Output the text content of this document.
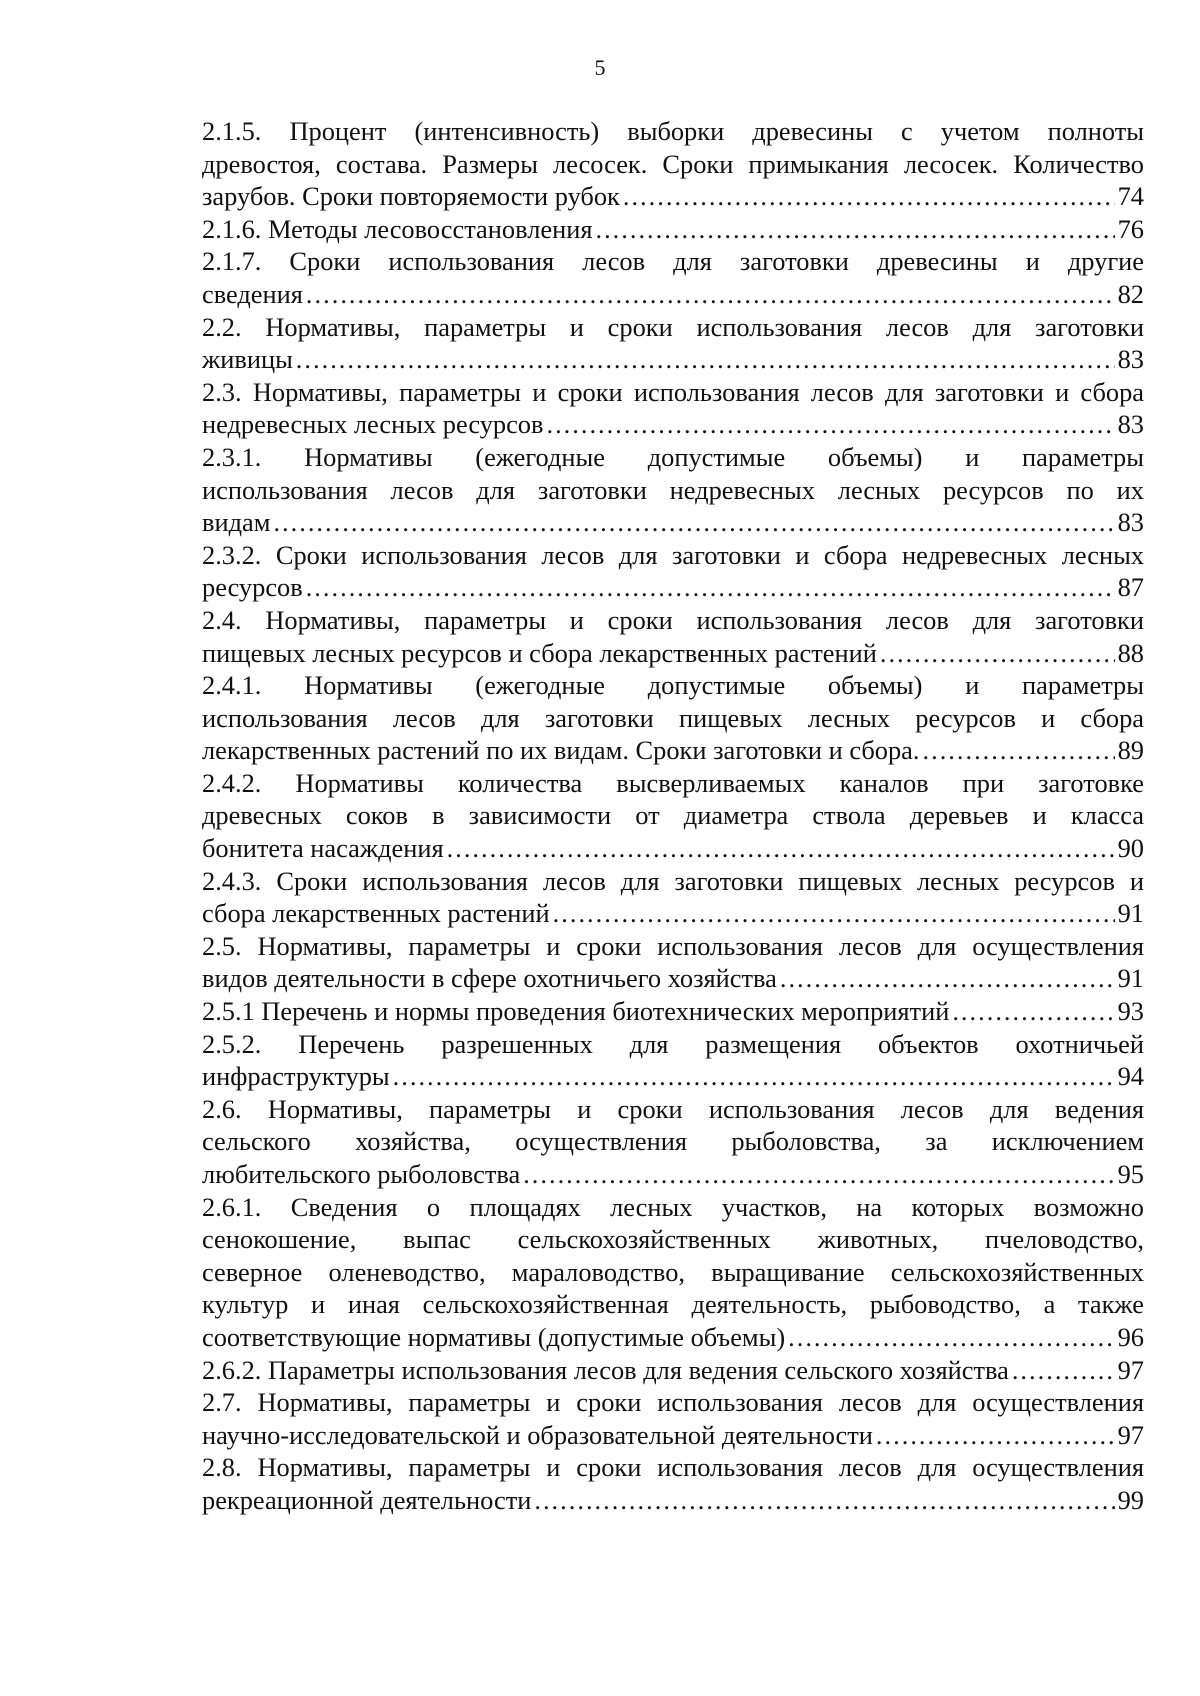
5
2.1.5. Процент (интенсивность) выборки древесины с учетом полноты
древостоя, состава. Размеры лесосек. Сроки примыкания лесосек. Количество
зарубов. Сроки повторяемости рубок .....	74
2.1.6. Методы лесовосстановления .....	76
2.1.7. Сроки использования лесов для заготовки древесины и другие
сведения .....	82
2.2. Нормативы, параметры и сроки использования лесов для заготовки
живицы .....	83
2.3. Нормативы, параметры и сроки использования лесов для заготовки и сбора
недревесных лесных ресурсов .....	83
2.3.1. Нормативы (ежегодные допустимые объемы) и параметры
использования лесов для заготовки недревесных лесных ресурсов по их
видам .....	83
2.3.2. Сроки использования лесов для заготовки и сбора недревесных лесных
ресурсов .....	87
2.4. Нормативы, параметры и сроки использования лесов для заготовки
пищевых лесных ресурсов и сбора лекарственных растений .....	88
2.4.1. Нормативы (ежегодные допустимые объемы) и параметры
использования лесов для заготовки пищевых лесных ресурсов и сбора
лекарственных растений по их видам. Сроки заготовки и сбора. .....	89
2.4.2. Нормативы количества высверливаемых каналов при заготовке
древесных соков в зависимости от диаметра ствола деревьев и класса
бонитета насаждения .....	90
2.4.3. Сроки использования лесов для заготовки пищевых лесных ресурсов и
сбора лекарственных растений .....	91
2.5. Нормативы, параметры и сроки использования лесов для осуществления
видов деятельности в сфере охотничьего хозяйства .....	91
2.5.1 Перечень и нормы проведения биотехнических мероприятий .....	93
2.5.2. Перечень разрешенных для размещения объектов охотничьей
инфраструктуры .....	94
2.6. Нормативы, параметры и сроки использования лесов для ведения
сельского хозяйства, осуществления рыболовства, за исключением
любительского рыболовства .....	95
2.6.1. Сведения о площадях лесных участков, на которых возможно
сенокошение, выпас сельскохозяйственных животных, пчеловодство,
северное оленеводство, мараловодство, выращивание сельскохозяйственных
культур и иная сельскохозяйственная деятельность, рыбоводство, а также
соответствующие нормативы (допустимые объемы) .....	96
2.6.2. Параметры использования лесов для ведения сельского хозяйства .....	97
2.7. Нормативы, параметры и сроки использования лесов для осуществления
научно-исследовательской и образовательной деятельности .....	97
2.8. Нормативы, параметры и сроки использования лесов для осуществления
рекреационной деятельности .....	99
